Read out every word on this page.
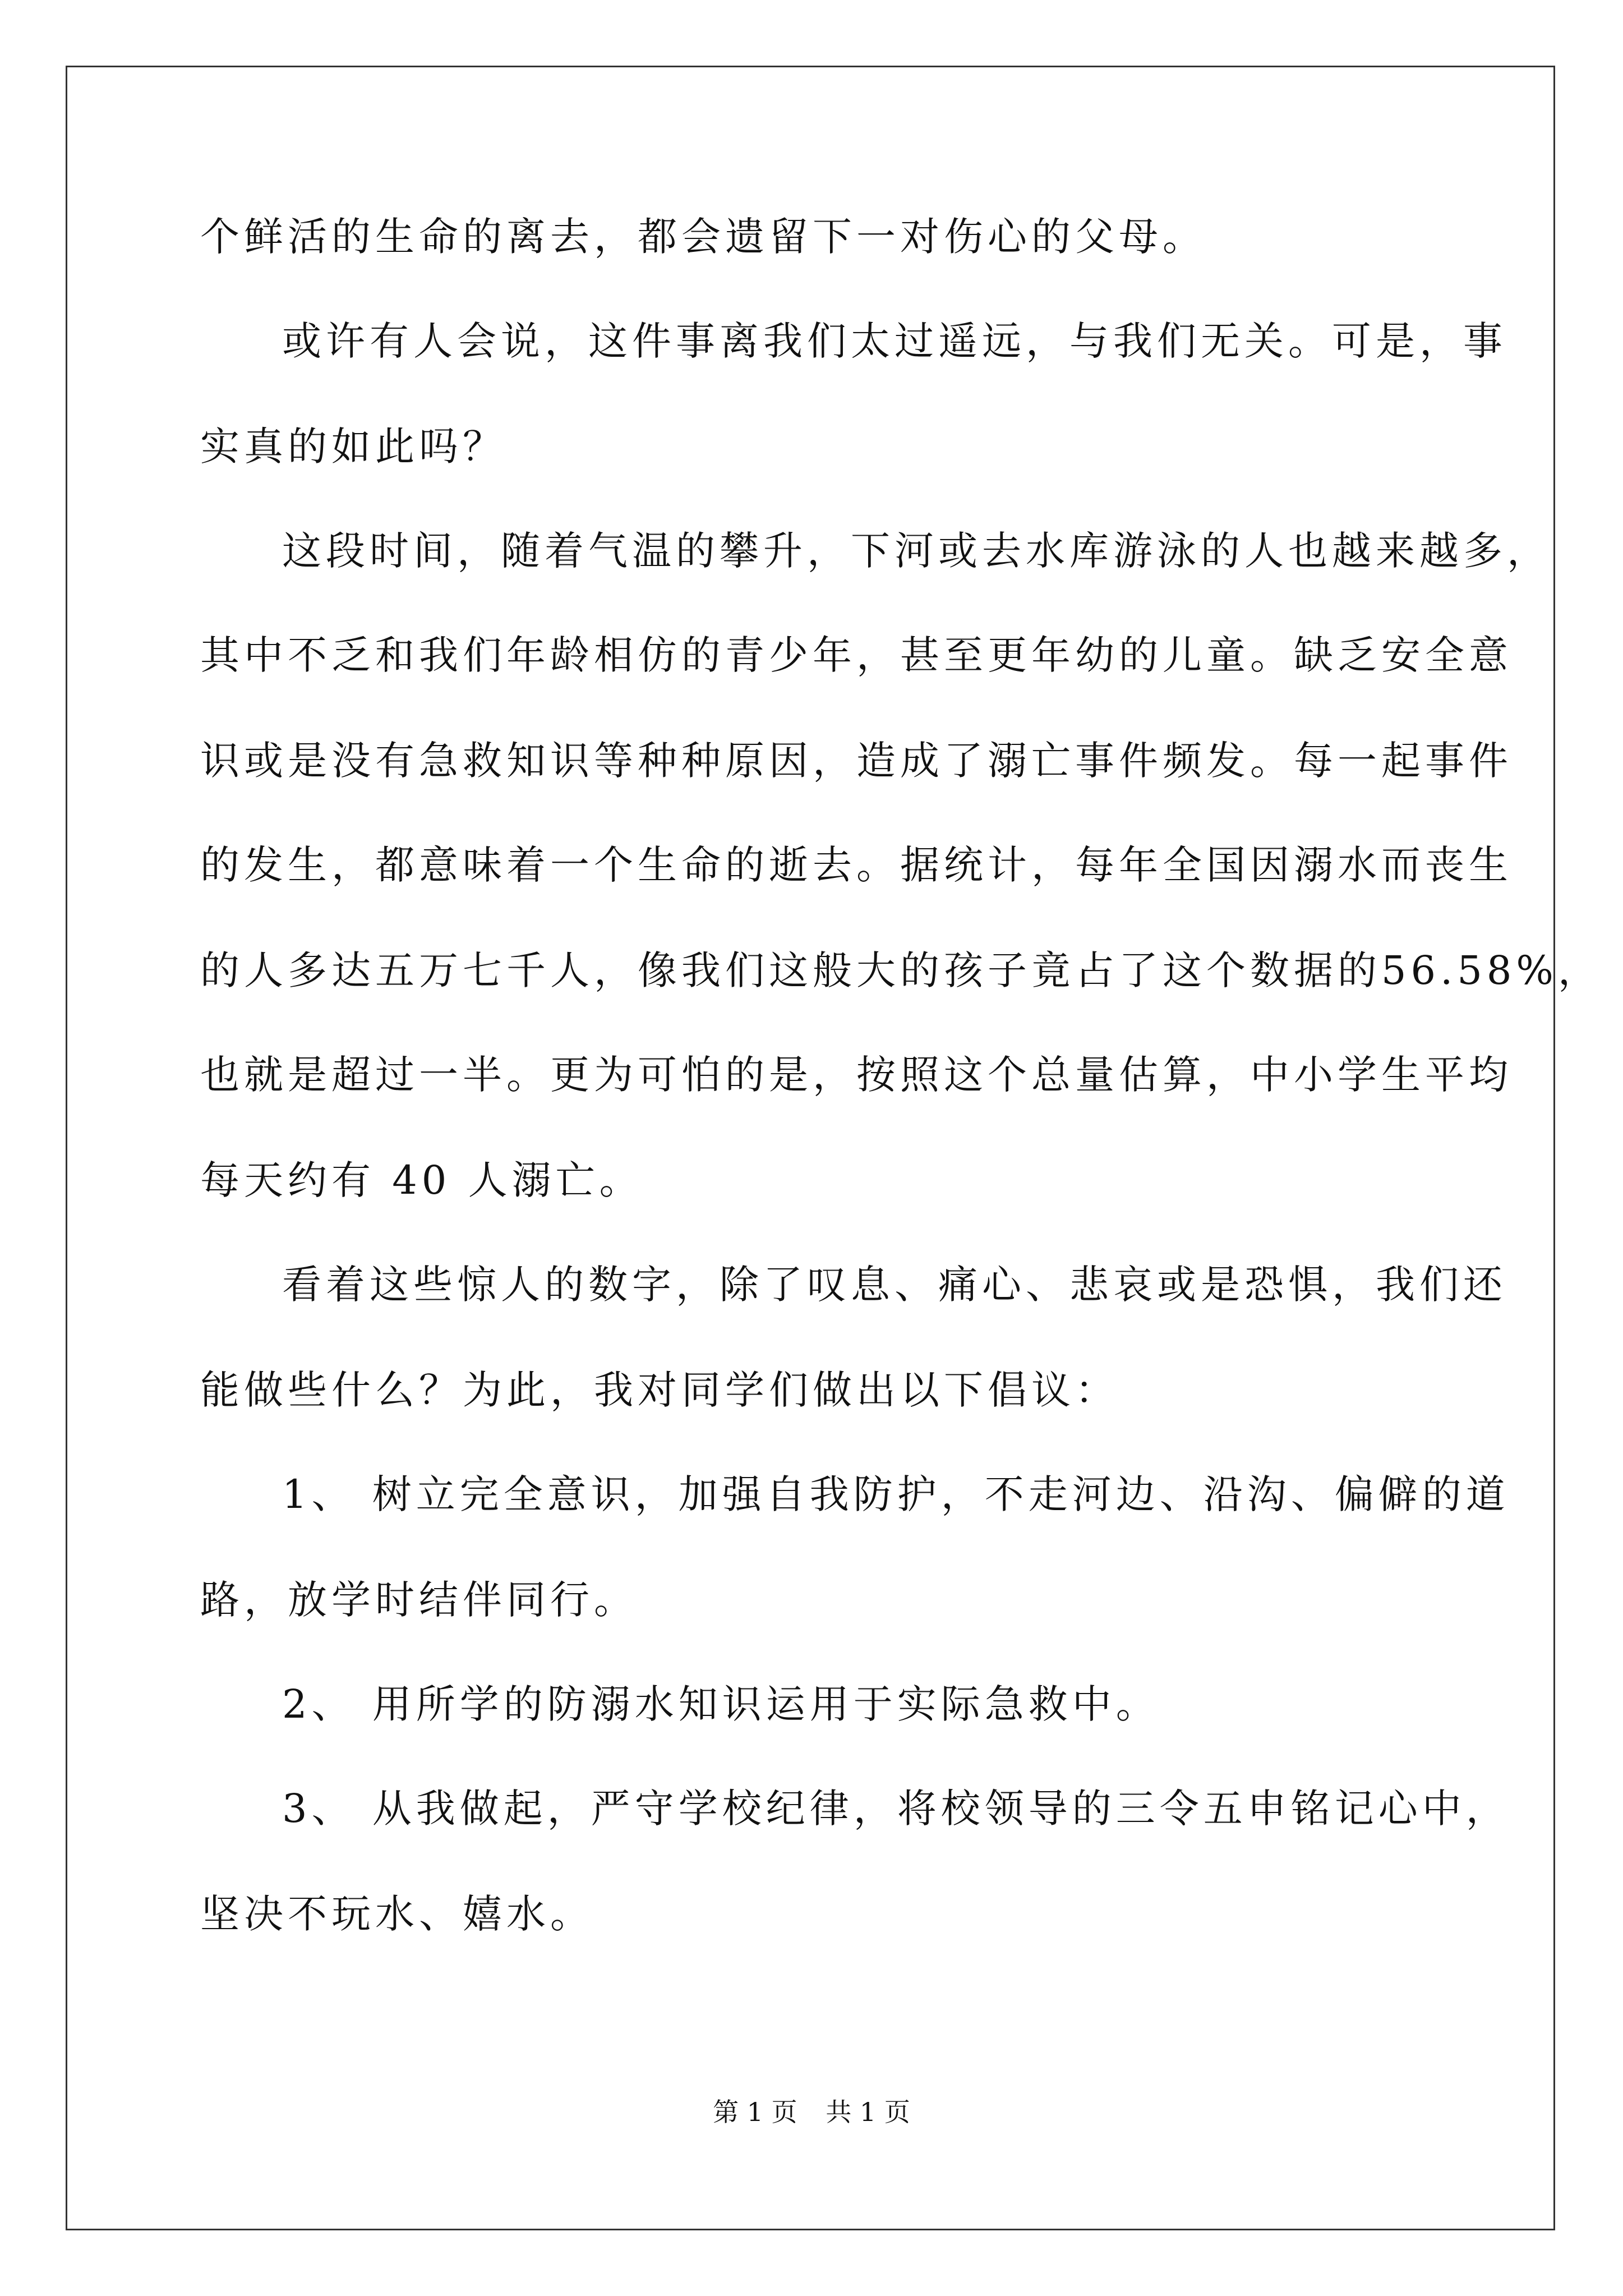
个鲜活的生命的离去，都会遗留下一对伤心的父母。
或许有人会说，这件事离我们太过遥远，与我们无关。可是，事
实真的如此吗？
这段时间，随着气温的攀升，下河或去水库游泳的人也越来越多，
其中不乏和我们年龄相仿的青少年，甚至更年幼的儿童。缺乏安全意
识或是没有急救知识等种种原因，造成了溺亡事件频发。每一起事件
的发生，都意味着一个生命的逝去。据统计，每年全国因溺水而丧生
的人多达五万七千人，像我们这般大的孩子竟占了这个数据的56.58%，
也就是超过一半。更为可怕的是，按照这个总量估算，中小学生平均
每天约有 40 人溺亡。
看着这些惊人的数字，除了叹息、痛心、悲哀或是恐惧，我们还
能做些什么？为此，我对同学们做出以下倡议：
1、 树立完全意识，加强自我防护，不走河边、沿沟、偏僻的道
路，放学时结伴同行。
2、 用所学的防溺水知识运用于实际急救中。
3、 从我做起，严守学校纪律，将校领导的三令五申铭记心中，
坚决不玩水、嬉水。
第 1 页 共 1 页
